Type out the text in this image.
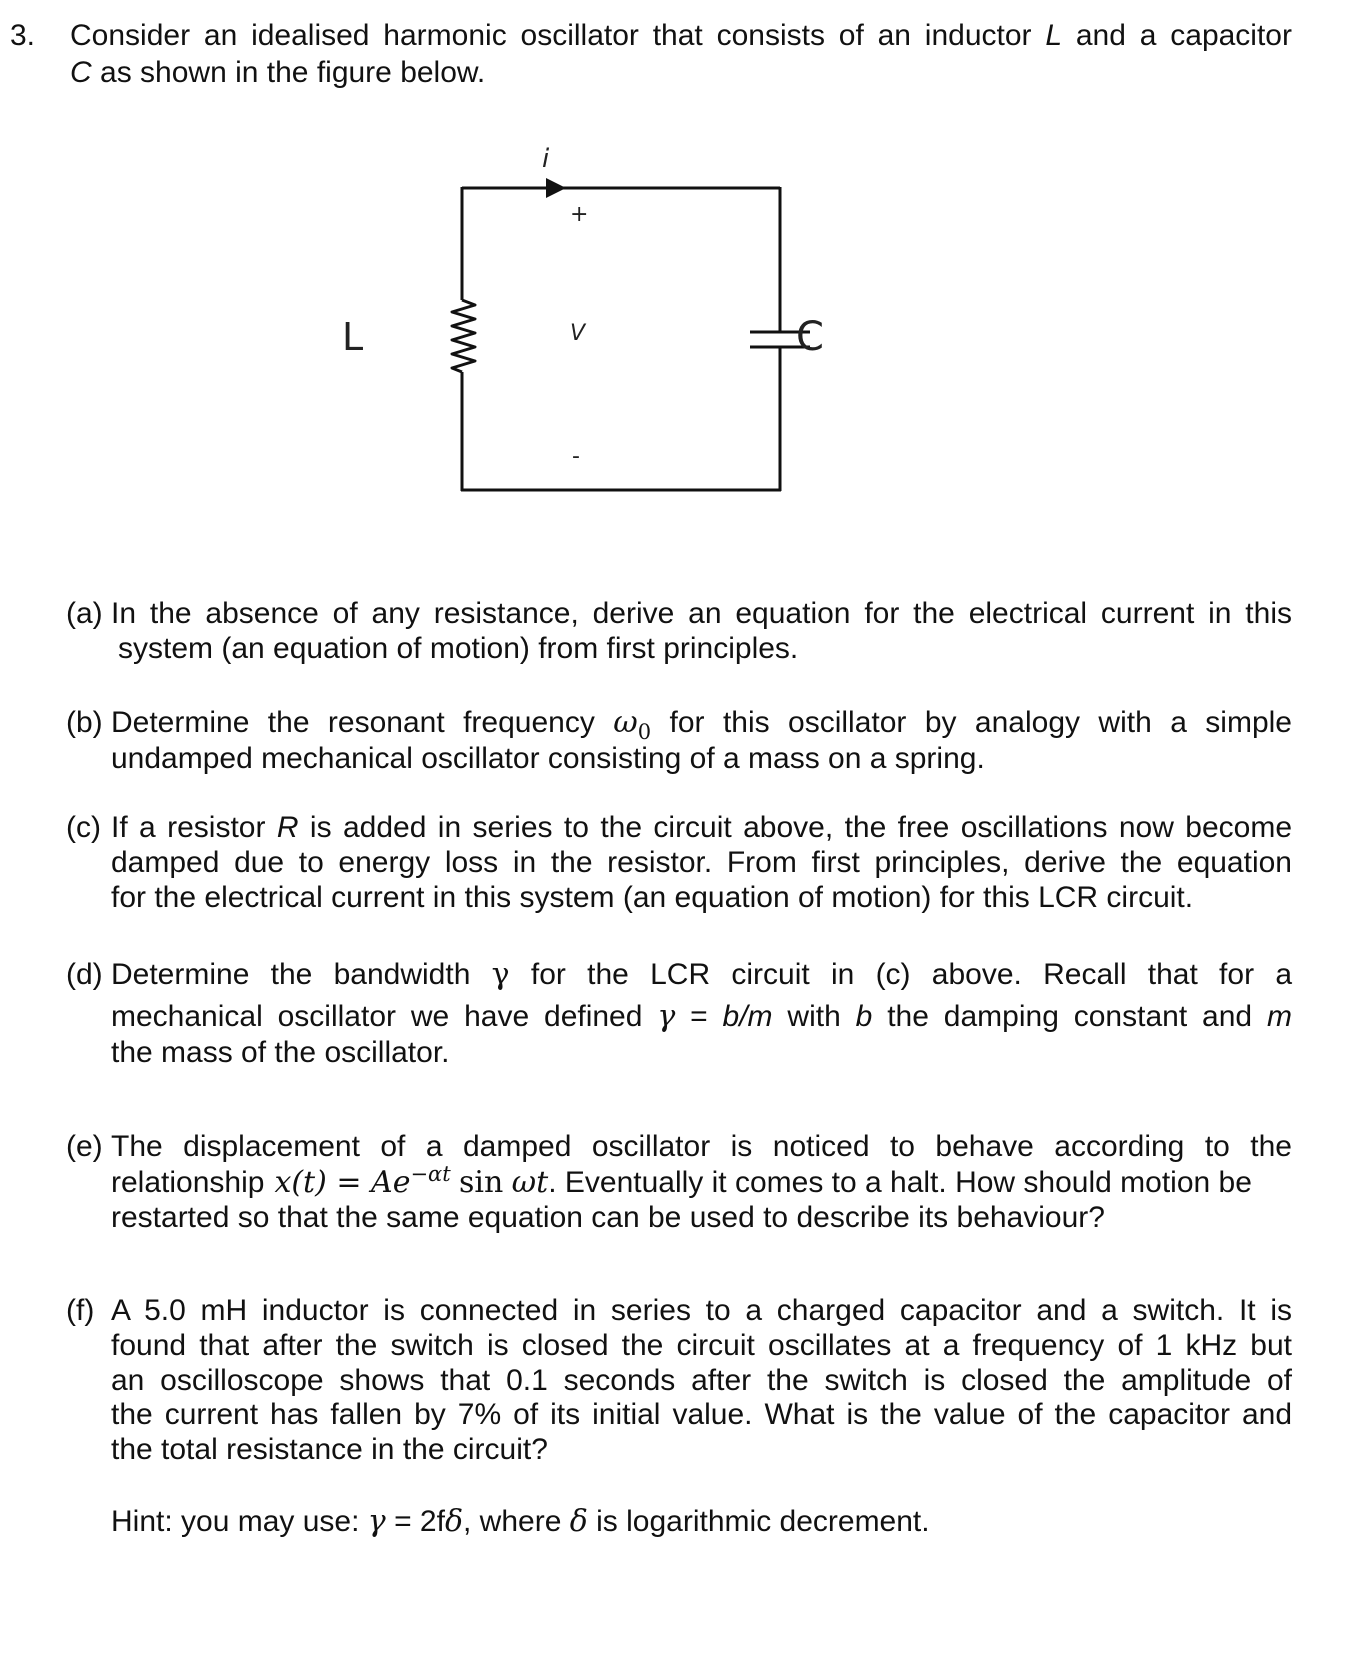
3. Consider an idealised harmonic oscillator that consists of an inductor L and a capacitor
C as shown in the figure below.
i
+
V
-
L	C
(a) In the absence of any resistance, derive an equation for the electrical current in this
system (an equation of motion) from first principles.
(b) Determine the resonant frequency $\omega_0$ for this oscillator by analogy with a simple
undamped mechanical oscillator consisting of a mass on a spring.
(c) If a resistor R is added in series to the circuit above, the free oscillations now become
damped due to energy loss in the resistor. From first principles, derive the equation
for the electrical current in this system (an equation of motion) for this LCR circuit.
(d) Determine the bandwidth γ for the LCR circuit in (c) above. Recall that for a
mechanical oscillator we have defined γ = b/m with b the damping constant and m
the mass of the oscillator.
(e) The displacement of a damped oscillator is noticed to behave according to the
relationship $x(t) = Ae^{-\alpha t}$ sin ωt. Eventually it comes to a halt. How should motion be
restarted so that the same equation can be used to describe its behaviour?
(f) A 5.0 mH inductor is connected in series to a charged capacitor and a switch. It is
found that after the switch is closed the circuit oscillates at a frequency of 1 kHz but
an oscilloscope shows that 0.1 seconds after the switch is closed the amplitude of
the current has fallen by 7% of its initial value. What is the value of the capacitor and
the total resistance in the circuit?
Hint: you may use: γ = 2fδ, where δ is logarithmic decrement.
